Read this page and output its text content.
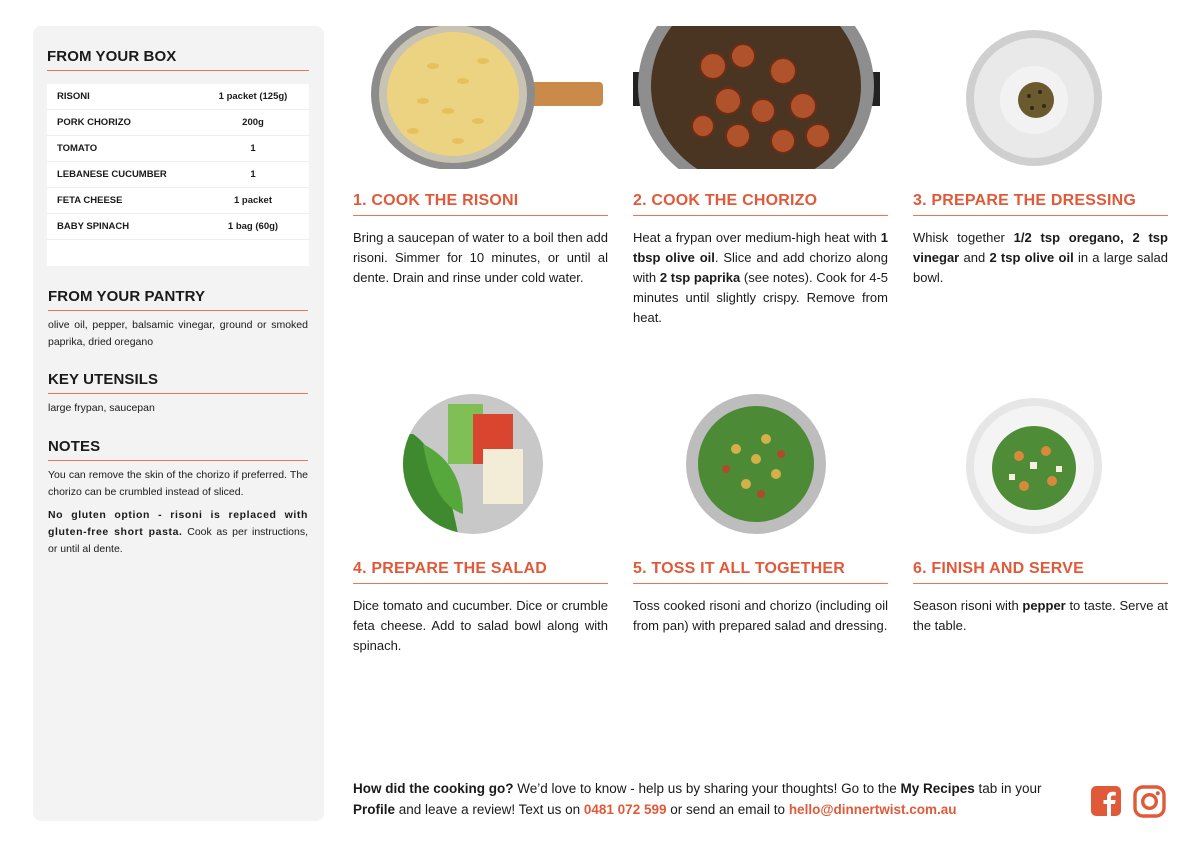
FROM YOUR BOX
RISONI	1 packet (125g)
PORK CHORIZO	200g
TOMATO	1
LEBANESE CUCUMBER	1
FETA CHEESE	1 packet
BABY SPINACH	1 bag (60g)
FROM YOUR PANTRY

olive oil, pepper, balsamic vinegar, ground or smoked paprika, dried oregano

KEY UTENSILS

large frypan, saucepan

NOTES

You can remove the skin of the chorizo if preferred. The chorizo can be crumbled instead of sliced.

No gluten option - risoni is replaced with gluten-free short pasta. Cook as per instructions, or until al dente.

1. COOK THE RISONI

Bring a saucepan of water to a boil then add risoni. Simmer for 10 minutes, or until al dente. Drain and rinse under cold water.

2. COOK THE CHORIZO

Heat a frypan over medium-high heat with 1 tbsp olive oil. Slice and add chorizo along with 2 tsp paprika (see notes). Cook for 4-5 minutes until slightly crispy. Remove from heat.

3. PREPARE THE DRESSING

Whisk together 1/2 tsp oregano, 2 tsp vinegar and 2 tsp olive oil in a large salad bowl.

4. PREPARE THE SALAD

Dice tomato and cucumber. Dice or crumble feta cheese. Add to salad bowl along with spinach.

5. TOSS IT ALL TOGETHER

Toss cooked risoni and chorizo (including oil from pan) with prepared salad and dressing.

6. FINISH AND SERVE

Season risoni with pepper to taste. Serve at the table.

How did the cooking go? We’d love to know - help us by sharing your thoughts! Go to the My Recipes tab in your Profile and leave a review! Text us on 0481 072 599 or send an email to hello@dinnertwist.com.au
